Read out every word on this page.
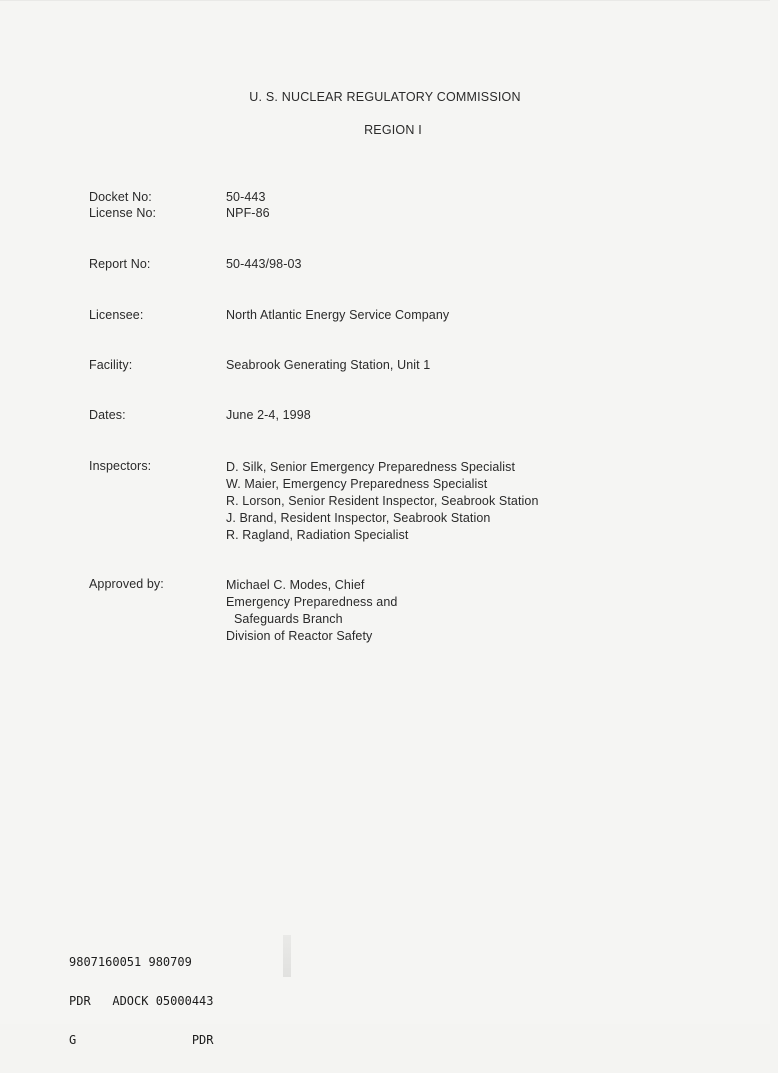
U. S. NUCLEAR REGULATORY COMMISSION
REGION I
Docket No:	50-443
License No:	NPF-86
Report No:	50-443/98-03
Licensee:	North Atlantic Energy Service Company
Facility:	Seabrook Generating Station, Unit 1
Dates:	June 2-4, 1998
Inspectors:	D. Silk, Senior Emergency Preparedness Specialist
W. Maier, Emergency Preparedness Specialist
R. Lorson, Senior Resident Inspector, Seabrook Station
J. Brand, Resident Inspector, Seabrook Station
R. Ragland, Radiation Specialist
Approved by:	Michael C. Modes, Chief
Emergency Preparedness and
Safeguards Branch
Division of Reactor Safety

9807160051 980709

PDR   ADOCK 05000443

G                PDR
